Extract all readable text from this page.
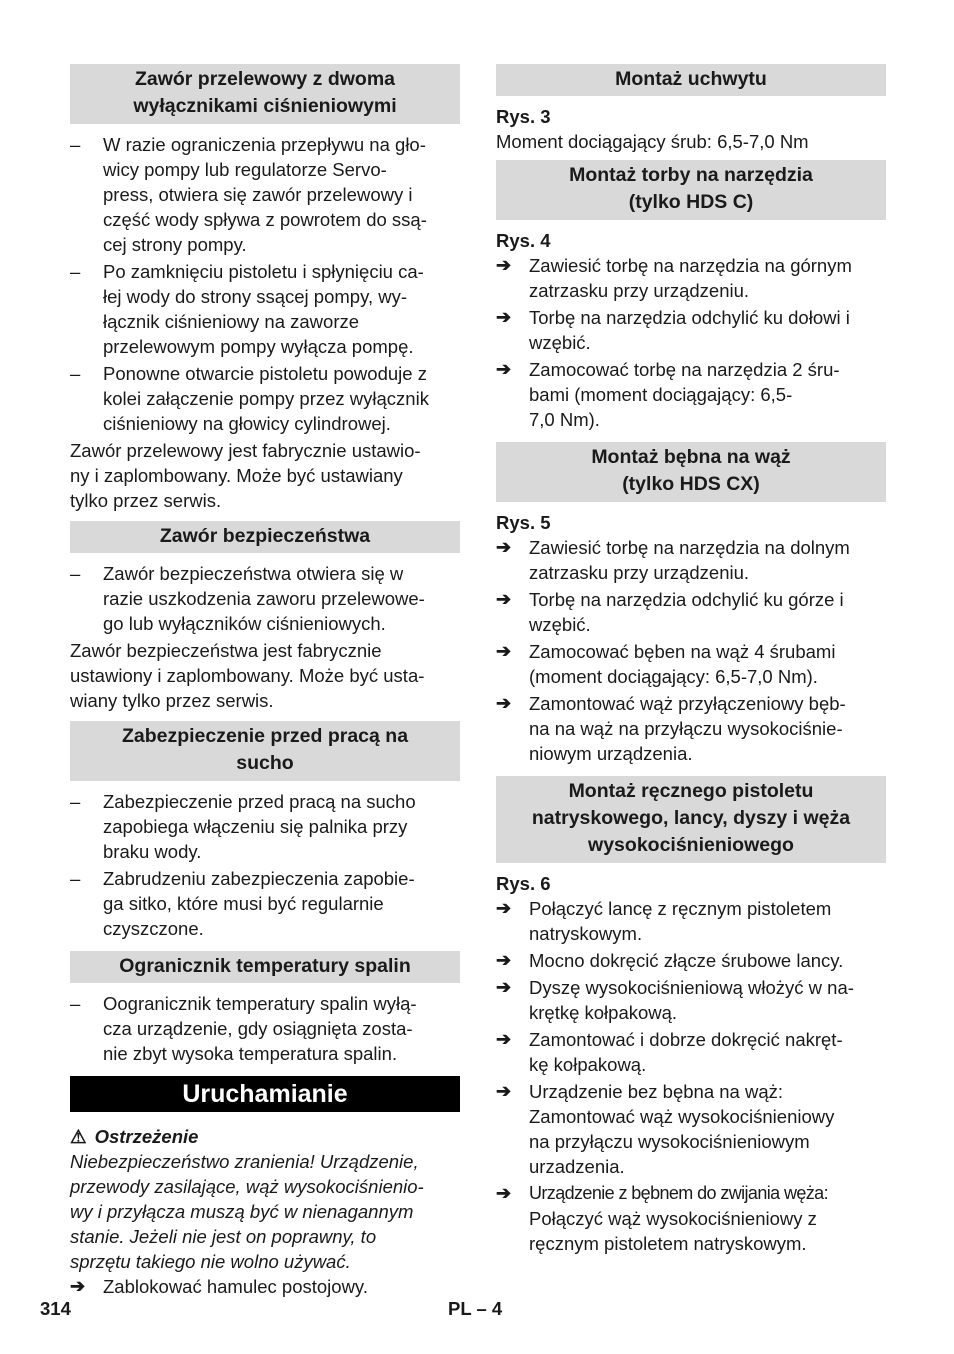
Zawór przelewowy z dwoma
wyłącznikami ciśnieniowymi
– W razie ograniczenia przepływu na gło-
wicy pompy lub regulatorze Servo-
press, otwiera się zawór przelewowy i
część wody spływa z powrotem do ssą-
cej strony pompy.
– Po zamknięciu pistoletu i spłynięciu ca-
łej wody do strony ssącej pompy, wy-
łącznik ciśnieniowy na zaworze
przelewowym pompy wyłącza pompę.
– Ponowne otwarcie pistoletu powoduje z
kolei załączenie pompy przez wyłącznik
ciśnieniowy na głowicy cylindrowej.
Zawór przelewowy jest fabrycznie ustawio-
ny i zaplombowany. Może być ustawiany
tylko przez serwis.
Zawór bezpieczeństwa
– Zawór bezpieczeństwa otwiera się w
razie uszkodzenia zaworu przelewowe-
go lub wyłączników ciśnieniowych.
Zawór bezpieczeństwa jest fabrycznie
ustawiony i zaplombowany. Może być usta-
wiany tylko przez serwis.
Zabezpieczenie przed pracą na
sucho
– Zabezpieczenie przed pracą na sucho
zapobiega włączeniu się palnika przy
braku wody.
– Zabrudzeniu zabezpieczenia zapobie-
ga sitko, które musi być regularnie
czyszczone.
Ogranicznik temperatury spalin
– Oogranicznik temperatury spalin wyłą-
cza urządzenie, gdy osiągnięta zosta-
nie zbyt wysoka temperatura spalin.
Uruchamianie
⚠ Ostrzeżenie
Niebezpieczeństwo zranienia! Urządzenie,
przewody zasilające, wąż wysokociśnienio-
wy i przyłącza muszą być w nienagannym
stanie. Jeżeli nie jest on poprawny, to
sprzętu takiego nie wolno używać.
➔ Zablokować hamulec postojowy.
Montaż uchwytu
Rys. 3
Moment dociągający śrub: 6,5-7,0 Nm
Montaż torby na narzędzia
(tylko HDS C)
Rys. 4
➔ Zawiesić torbę na narzędzia na górnym
zatrzasku przy urządzeniu.
➔ Torbę na narzędzia odchylić ku dołowi i
wzębić.
➔ Zamocować torbę na narzędzia 2 śru-
bami (moment dociągający: 6,5-
7,0 Nm).
Montaż bębna na wąż
(tylko HDS CX)
Rys. 5
➔ Zawiesić torbę na narzędzia na dolnym
zatrzasku przy urządzeniu.
➔ Torbę na narzędzia odchylić ku górze i
wzębić.
➔ Zamocować bęben na wąż 4 śrubami
(moment dociągający: 6,5-7,0 Nm).
➔ Zamontować wąż przyłączeniowy bęb-
na na wąż na przyłączu wysokociśnie-
niowym urządzenia.
Montaż ręcznego pistoletu
natryskowego, lancy, dyszy i węża
wysokociśnieniowego
Rys. 6
➔ Połączyć lancę z ręcznym pistoletem
natryskowym.
➔ Mocno dokręcić złącze śrubowe lancy.
➔ Dyszę wysokociśnieniową włożyć w na-
krętkę kołpakową.
➔ Zamontować i dobrze dokręcić nakręt-
kę kołpakową.
➔ Urządzenie bez bębna na wąż:
Zamontować wąż wysokociśnieniowy
na przyłączu wysokociśnieniowym
urzadzenia.
➔ Urządzenie z bębnem do zwijania węża:
Połączyć wąż wysokociśnieniowy z
ręcznym pistoletem natryskowym.
314	PL – 4
